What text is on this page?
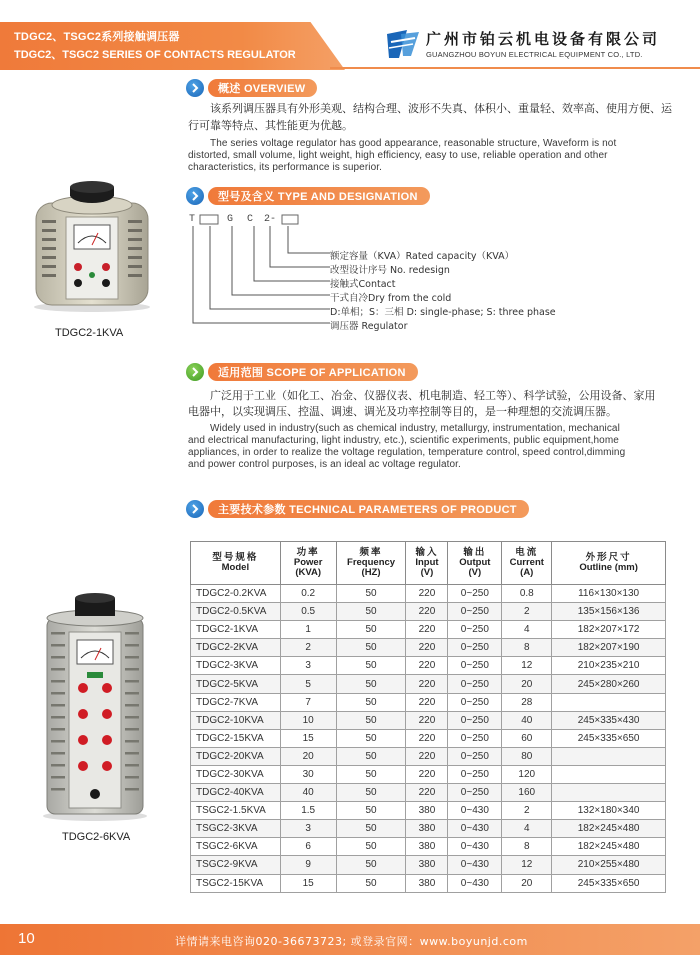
TDGC2、TSGC2系列接触调压器
TDGC2、TSGC2 SERIES OF CONTACTS REGULATOR
广州市铂云机电设备有限公司
GUANGZHOU BOYUN ELECTRICAL EQUIPMENT CO., LTD.
概述 OVERVIEW
该系列调压器具有外形美观、结构合理、波形不失真、体积小、重量轻、效率高、使用方便、运
行可靠等特点、其性能更为优越。
The series voltage regulator has good appearance, reasonable structure, Waveform is not
distorted, small volume, light weight, high efficiency, easy to use, reliable operation and other
characteristics, its performance is superior.
TDGC2-1KVA
型号及含义 TYPE AND DESIGNATION
T	G C 2-
额定容量（KVA）Rated capacity（KVA）
改型设计序号 No. redesign
接触式Contact
干式自冷Dry from the cold
D:单相；S：三相 D: single-phase; S: three phase
调压器 Regulator
适用范围 SCOPE OF APPLICATION
广泛用于工业（如化工、冶金、仪器仪表、机电制造、轻工等）、科学试验，公用设备、家用
电器中，以实现调压、控温、调速、调光及功率控制等目的，是一种理想的交流调压器。
Widely used in industry(such as chemical industry, metallurgy, instrumentation, mechanical
and electrical manufacturing, light industry, etc.), scientific experiments, public equipment,home
appliances, in order to realize the voltage regulation, temperature control, speed control,dimming
and power control purposes, is an ideal ac voltage regulator.
主要技术参数 TECHNICAL PARAMETERS OF PRODUCT
型号规格
Model	功率
Power
(KVA)	频率
Frequency
(HZ)	输入
Input
(V)	输出
Output
(V)	电流
Current
(A)	外形尺寸
Outline (mm)
TDGC2-0.2KVA	0.2	50	220	0~250	0.8	116×130×130
TDGC2-0.5KVA	0.5	50	220	0~250	2	135×156×136
TDGC2-1KVA	1	50	220	0~250	4	182×207×172
TDGC2-2KVA	2	50	220	0~250	8	182×207×190
TDGC2-3KVA	3	50	220	0~250	12	210×235×210
TDGC2-5KVA	5	50	220	0~250	20	245×280×260
TDGC2-7KVA	7	50	220	0~250	28	
TDGC2-10KVA	10	50	220	0~250	40	245×335×430
TDGC2-15KVA	15	50	220	0~250	60	245×335×650
TDGC2-20KVA	20	50	220	0~250	80	
TDGC2-30KVA	30	50	220	0~250	120	
TDGC2-40KVA	40	50	220	0~250	160	
TSGC2-1.5KVA	1.5	50	380	0~430	2	132×180×340
TSGC2-3KVA	3	50	380	0~430	4	182×245×480
TSGC2-6KVA	6	50	380	0~430	8	182×245×480
TSGC2-9KVA	9	50	380	0~430	12	210×255×480
TSGC2-15KVA	15	50	380	0~430	20	245×335×650
TDGC2-6KVA
10	详情请来电咨询020-36673723; 或登录官网：www.boyunjd.com
